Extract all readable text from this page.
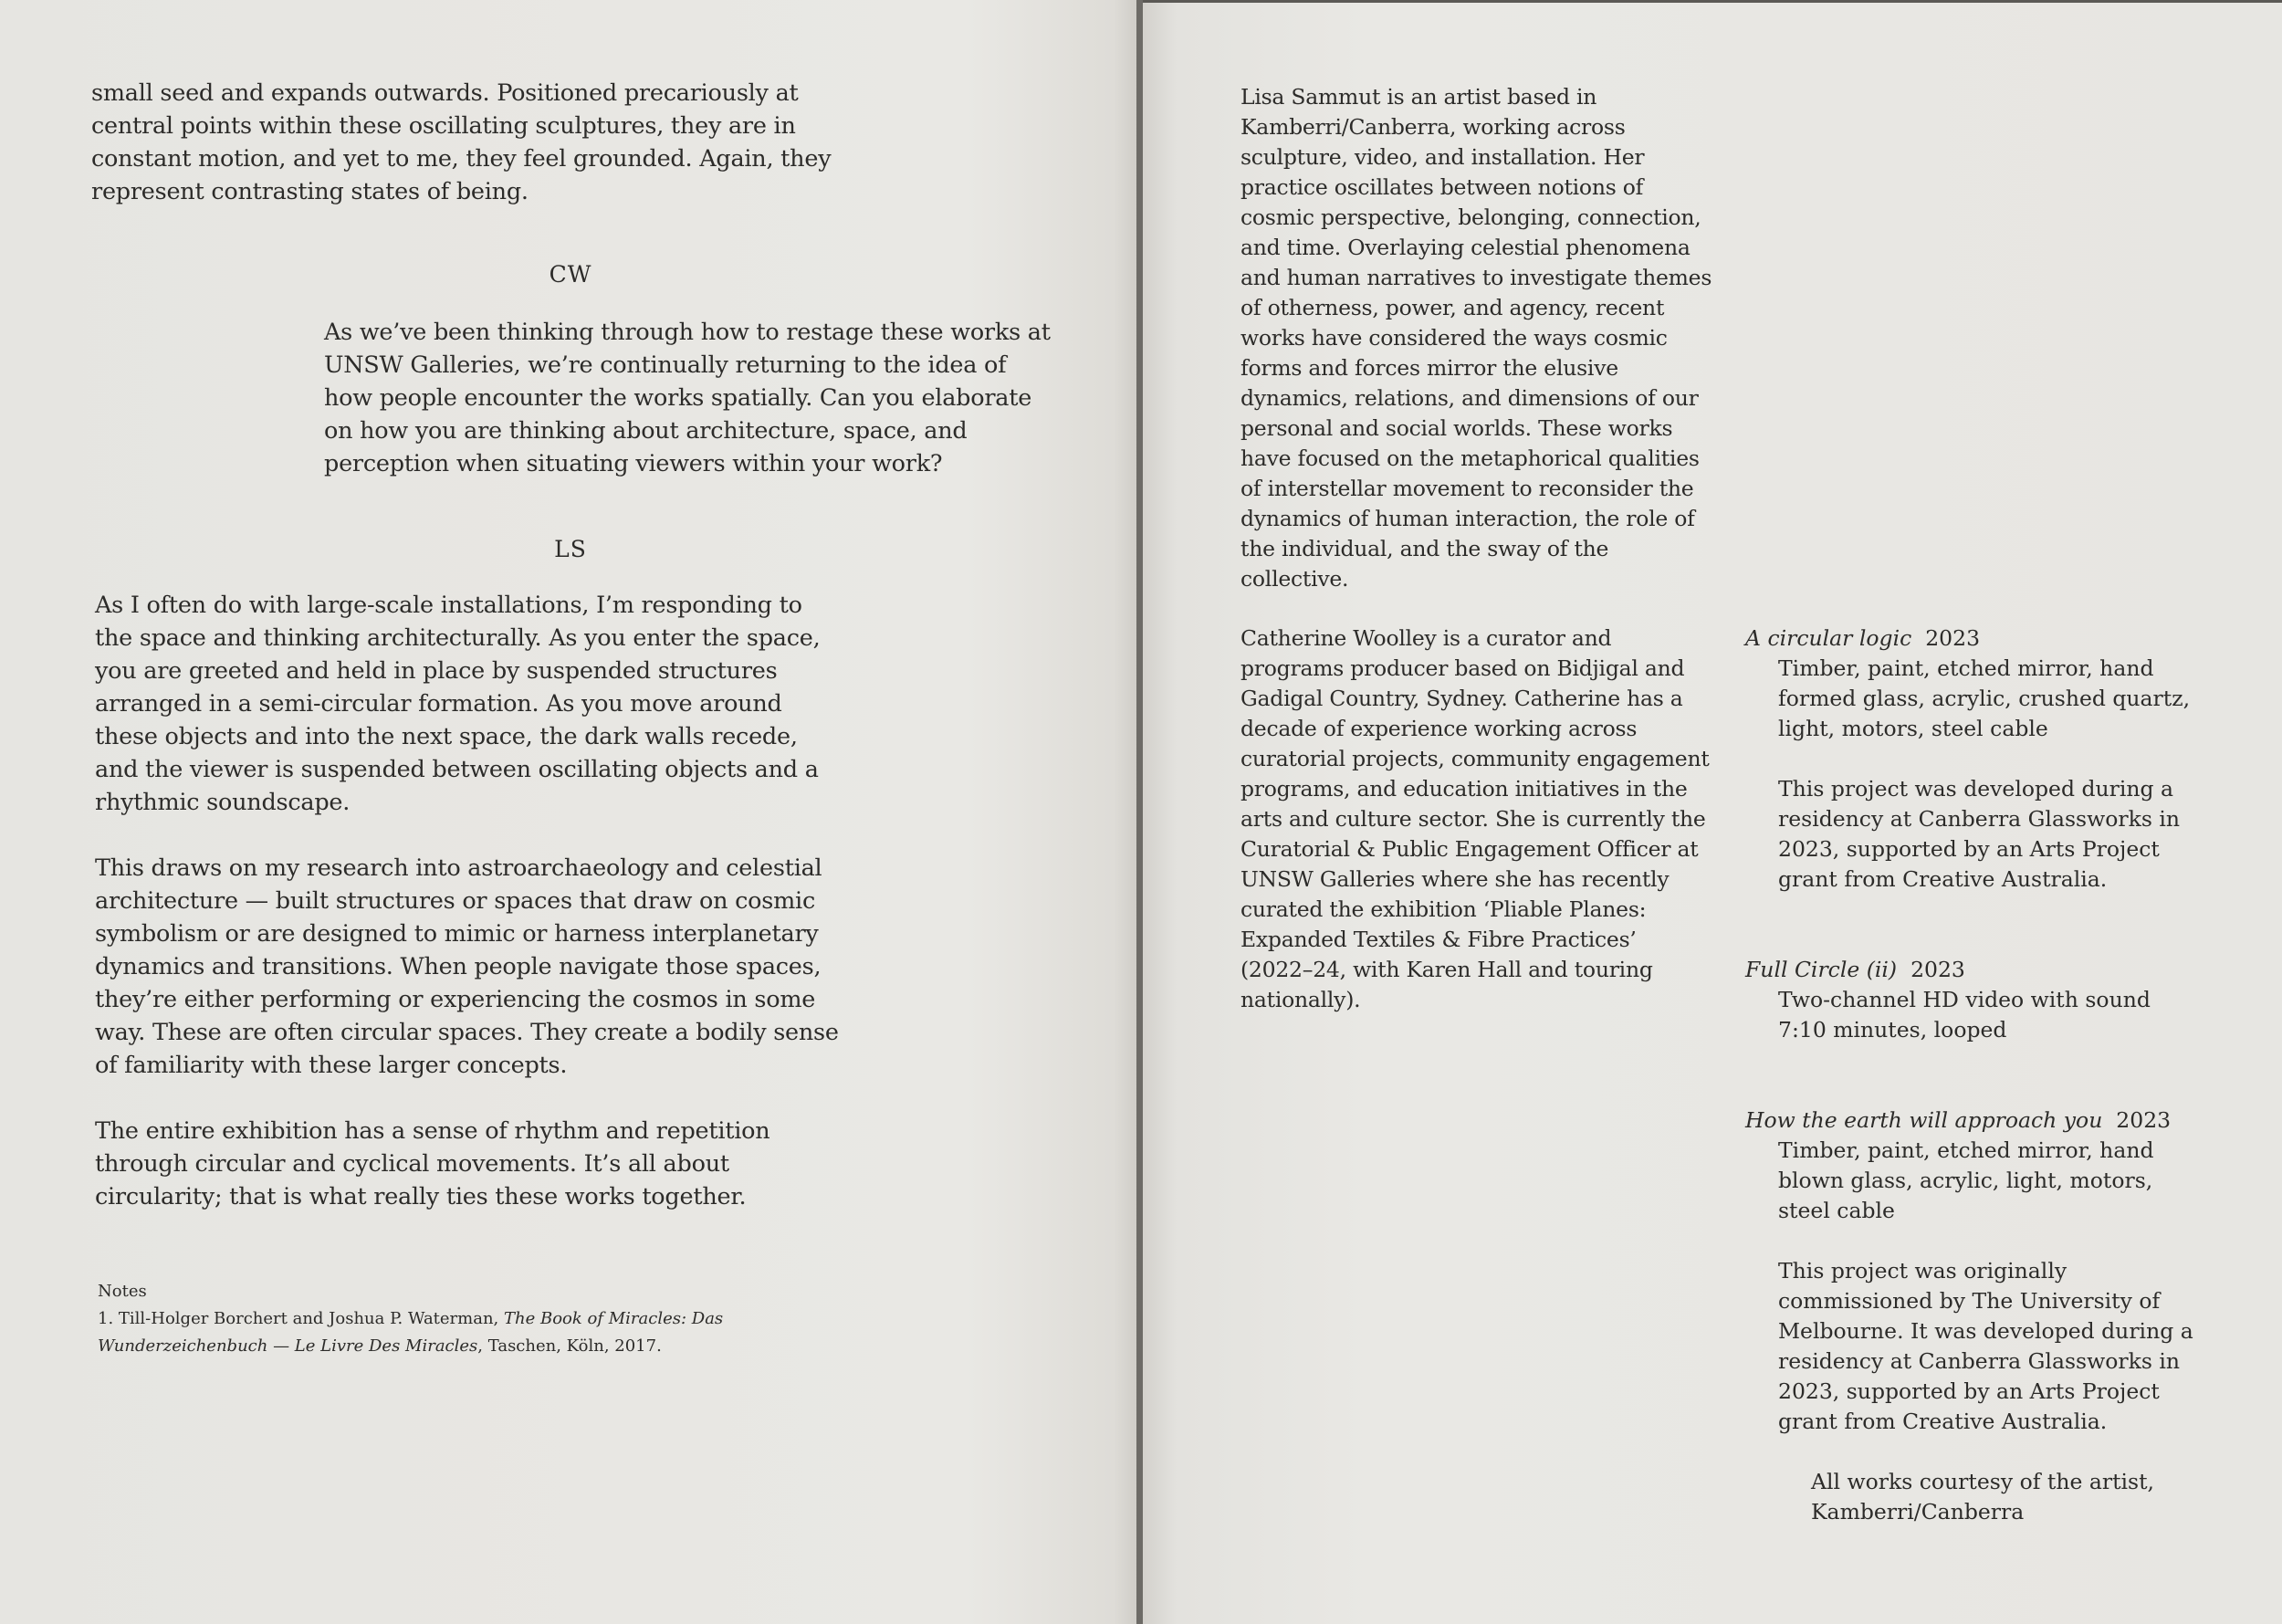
small seed and expands outwards. Positioned precariously at central points within these oscillating sculptures, they are in constant motion, and yet to me, they feel grounded. Again, they represent contrasting states of being.

CW

As we’ve been thinking through how to restage these works at UNSW Galleries, we’re continually returning to the idea of how people encounter the works spatially. Can you elaborate on how you are thinking about architecture, space, and perception when situating viewers within your work?

LS

As I often do with large-scale installations, I’m responding to the space and thinking architecturally. As you enter the space, you are greeted and held in place by suspended structures arranged in a semi-circular formation. As you move around these objects and into the next space, the dark walls recede, and the viewer is suspended between oscillating objects and a rhythmic soundscape.

This draws on my research into astroarchaeology and celestial architecture — built structures or spaces that draw on cosmic symbolism or are designed to mimic or harness interplanetary dynamics and transitions. When people navigate those spaces, they’re either performing or experiencing the cosmos in some way. These are often circular spaces. They create a bodily sense of familiarity with these larger concepts.

The entire exhibition has a sense of rhythm and repetition through circular and cyclical movements. It’s all about circularity; that is what really ties these works together.

Notes
1. Till-Holger Borchert and Joshua P. Waterman, The Book of Miracles: Das Wunderzeichenbuch — Le Livre Des Miracles, Taschen, Köln, 2017.

Lisa Sammut is an artist based in Kamberri/Canberra, working across sculpture, video, and installation. Her practice oscillates between notions of cosmic perspective, belonging, connection, and time. Overlaying celestial phenomena and human narratives to investigate themes of otherness, power, and agency, recent works have considered the ways cosmic forms and forces mirror the elusive dynamics, relations, and dimensions of our personal and social worlds. These works have focused on the metaphorical qualities of interstellar movement to reconsider the dynamics of human interaction, the role of the individual, and the sway of the collective.

Catherine Woolley is a curator and programs producer based on Bidjigal and Gadigal Country, Sydney. Catherine has a decade of experience working across curatorial projects, community engagement programs, and education initiatives in the arts and culture sector. She is currently the Curatorial & Public Engagement Officer at UNSW Galleries where she has recently curated the exhibition ‘Pliable Planes: Expanded Textiles & Fibre Practices’ (2022–24, with Karen Hall and touring nationally).

A circular logic 2023
Timber, paint, etched mirror, hand formed glass, acrylic, crushed quartz, light, motors, steel cable
This project was developed during a residency at Canberra Glassworks in 2023, supported by an Arts Project grant from Creative Australia.
Full Circle (ii) 2023
Two-channel HD video with sound
7:10 minutes, looped
How the earth will approach you 2023
Timber, paint, etched mirror, hand blown glass, acrylic, light, motors, steel cable
This project was originally commissioned by The University of Melbourne. It was developed during a residency at Canberra Glassworks in 2023, supported by an Arts Project grant from Creative Australia.
All works courtesy of the artist, Kamberri/Canberra
